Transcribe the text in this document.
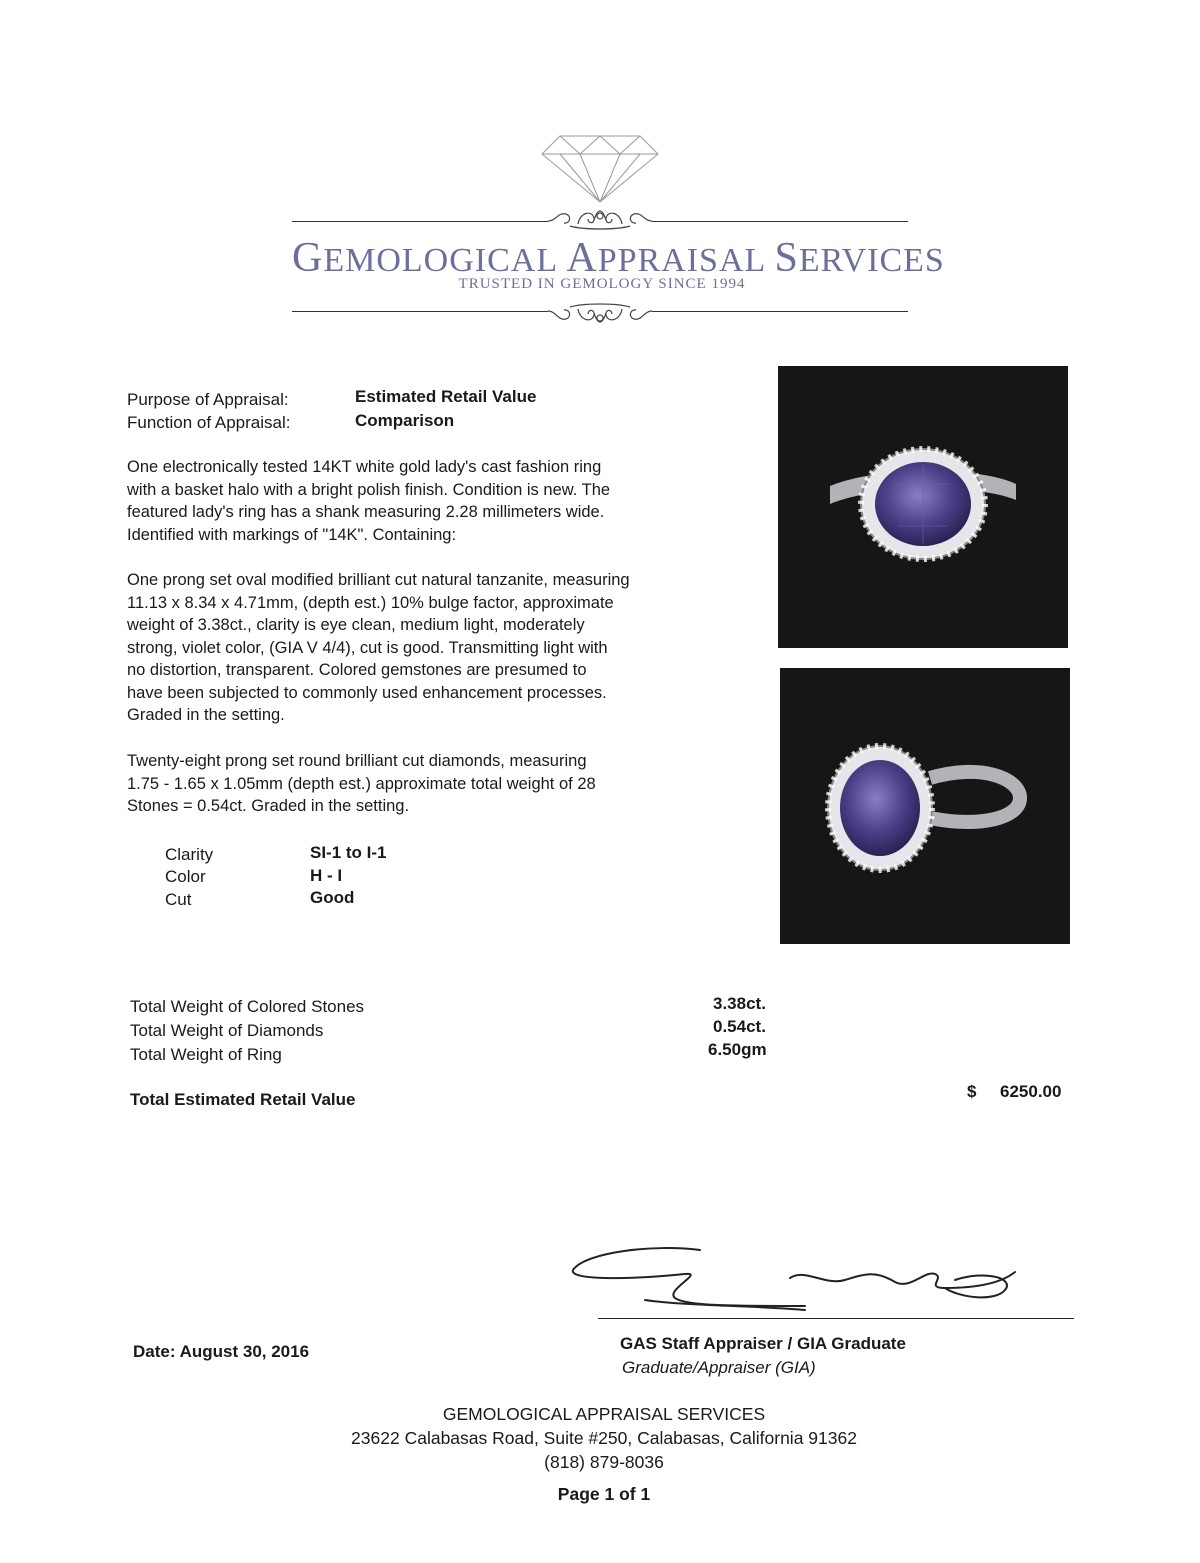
GEMOLOGICAL APPRAISAL SERVICES
TRUSTED IN GEMOLOGY SINCE 1994
Purpose of Appraisal:	Estimated Retail Value
Function of Appraisal:	Comparison
One electronically tested 14KT white gold lady's cast fashion ring
with a basket halo with a bright polish finish. Condition is new. The
featured lady's ring has a shank measuring 2.28 millimeters wide.
Identified with markings of "14K". Containing:
One prong set oval modified brilliant cut natural tanzanite, measuring
11.13 x 8.34 x 4.71mm, (depth est.) 10% bulge factor, approximate
weight of 3.38ct., clarity is eye clean, medium light, moderately
strong, violet color, (GIA V 4/4), cut is good. Transmitting light with
no distortion, transparent. Colored gemstones are presumed to
have been subjected to commonly used enhancement processes.
Graded in the setting.
Twenty-eight prong set round brilliant cut diamonds, measuring
1.75 - 1.65 x 1.05mm (depth est.) approximate total weight of 28
Stones = 0.54ct. Graded in the setting.
Clarity	SI-1 to I-1
Color	H - I
Cut	Good
Total Weight of Colored Stones	3.38ct.
Total Weight of Diamonds	0.54ct.
Total Weight of Ring	6.50gm
Total Estimated Retail Value	$ 6250.00
Date: August 30, 2016	GAS Staff Appraiser / GIA Graduate
Graduate/Appraiser (GIA)
GEMOLOGICAL APPRAISAL SERVICES
23622 Calabasas Road, Suite #250, Calabasas, California 91362
(818) 879-8036
Page 1 of 1
